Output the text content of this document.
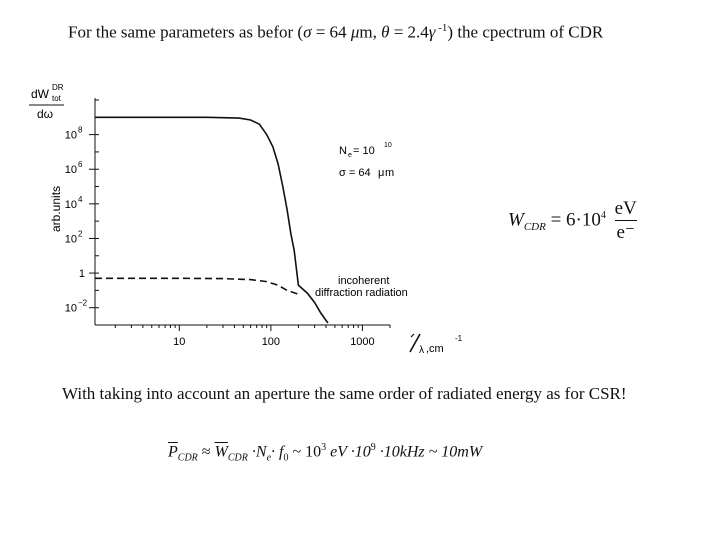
For the same parameters as befor (σ = 64 μm, θ = 2.4γ $^{-1}$) the cpectrum of CDR
10 8
10 6
10 4
10 2
1
10 −2
10	100	1000
dW DR
tot
dω
arb.units
N e = 10 10
σ = 64 μ m
incoherent
diffraction radiation
λ ,cm
-1
$W_{CDR} = 6\cdot 10^4 \frac{eV}{e^-}$
With taking into account an aperture the same order of radiated energy as for CSR!
$\overline{P}_{CDR} \approx \overline{W}_{CDR} \cdot N_e\cdot f_0$ ~ $10^3$ eV $\cdot 10^9 \cdot 10kHz$ ~ 10mW
